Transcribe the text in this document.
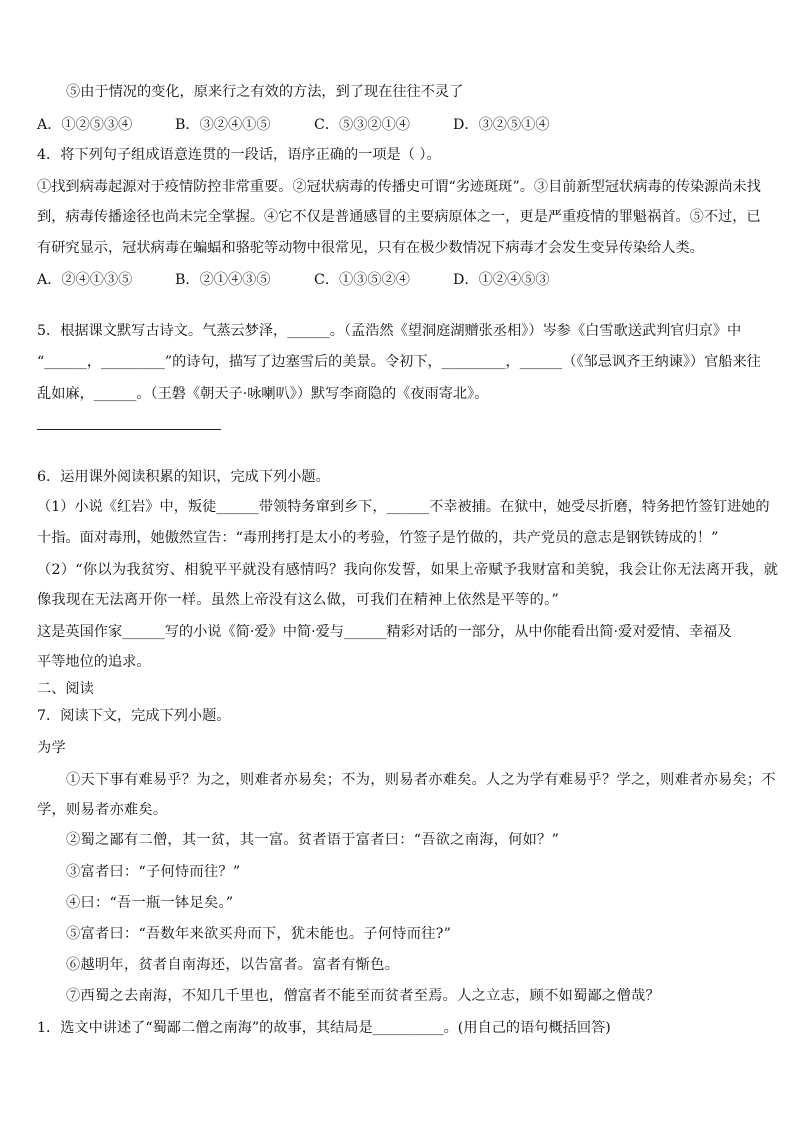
⑤由于情况的变化，原来行之有效的方法，到了现在往往不灵了
A．①②⑤③④	B．③②④①⑤	C．⑤③②①④	D．③②⑤①④
4．将下列句子组成语意连贯的一段话，语序正确的一项是（ ）。
①找到病毒起源对于疫情防控非常重要。②冠状病毒的传播史可谓“劣迹斑斑”。③目前新型冠状病毒的传染源尚未找
到，病毒传播途径也尚未完全掌握。④它不仅是普通感冒的主要病原体之一，更是严重疫情的罪魁祸首。⑤不过，已
有研究显示，冠状病毒在蝙蝠和骆驼等动物中很常见，只有在极少数情况下病毒才会发生变异传染给人类。
A．②④①③⑤	B．②①④③⑤	C．①③⑤②④	D．①②④⑤③
5．根据课文默写古诗文。气蒸云梦泽，______。（孟浩然《望洞庭湖赠张丞相》）岑参《白雪歌送武判官归京》中
“______，_________”的诗句，描写了边塞雪后的美景。令初下，_________，______（《邹忌讽齐王纳谏》）官船来往
乱如麻，______。（王磐《朝天子·咏喇叭》）默写李商隐的《夜雨寄北》。
6．运用课外阅读积累的知识，完成下列小题。
（1）小说《红岩》中，叛徒______带领特务窜到乡下，______不幸被捕。在狱中，她受尽折磨，特务把竹签钉进她的
十指。面对毒刑，她傲然宣告：“毒刑拷打是太小的考验，竹签子是竹做的，共产党员的意志是钢铁铸成的！”
（2）“你以为我贫穷、相貌平平就没有感情吗？我向你发誓，如果上帝赋予我财富和美貌，我会让你无法离开我，就
像我现在无法离开你一样。虽然上帝没有这么做，可我们在精神上依然是平等的。”
这是英国作家______写的小说《简·爱》中简·爱与______精彩对话的一部分，从中你能看出简·爱对爱情、幸福及
平等地位的追求。
二、阅读
7．阅读下文，完成下列小题。
为学
①天下事有难易乎？为之，则难者亦易矣；不为，则易者亦难矣。人之为学有难易乎？学之，则难者亦易矣；不
学，则易者亦难矣。
②蜀之鄙有二僧，其一贫，其一富。贫者语于富者曰：“吾欲之南海，何如？”
③富者曰：“子何恃而往？”
④曰：“吾一瓶一钵足矣。”
⑤富者曰：“吾数年来欲买舟而下，犹未能也。子何恃而往?”
⑥越明年，贫者自南海还，以告富者。富者有惭色。
⑦西蜀之去南海，不知几千里也，僧富者不能至而贫者至焉。人之立志，顾不如蜀鄙之僧哉？
1．选文中讲述了“蜀鄙二僧之南海”的故事，其结局是__________。(用自己的语句概括回答)
